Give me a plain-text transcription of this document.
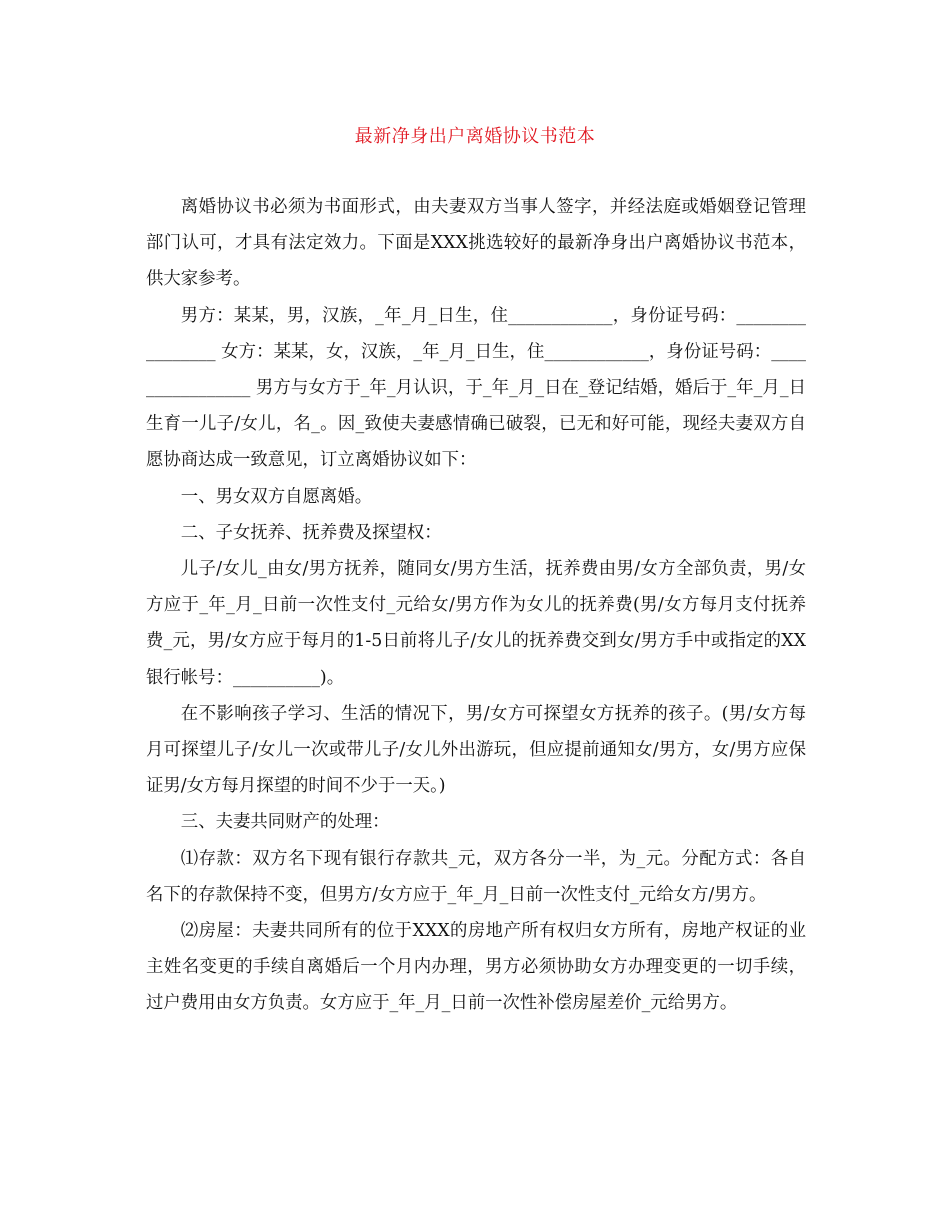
最新净身出户离婚协议书范本

离婚协议书必须为书面形式，由夫妻双方当事人签字，并经法庭或婚姻登记管理部门认可，才具有法定效力。下面是XXX挑选较好的最新净身出户离婚协议书范本，供大家参考。

男方：某某，男，汉族，_年_月_日生，住____________，身份证号码：________________ 女方：某某，女，汉族，_年_月_日生，住____________，身份证号码：________________ 男方与女方于_年_月认识，于_年_月_日在_登记结婚，婚后于_年_月_日生育一儿子/女儿，名_。因_致使夫妻感情确已破裂，已无和好可能，现经夫妻双方自愿协商达成一致意见，订立离婚协议如下：

一、男女双方自愿离婚。

二、子女抚养、抚养费及探望权：

儿子/女儿_由女/男方抚养，随同女/男方生活，抚养费由男/女方全部负责，男/女方应于_年_月_日前一次性支付_元给女/男方作为女儿的抚养费(男/女方每月支付抚养费_元，男/女方应于每月的1-5日前将儿子/女儿的抚养费交到女/男方手中或指定的XX银行帐号：__________)。

在不影响孩子学习、生活的情况下，男/女方可探望女方抚养的孩子。(男/女方每月可探望儿子/女儿一次或带儿子/女儿外出游玩，但应提前通知女/男方，女/男方应保证男/女方每月探望的时间不少于一天。)

三、夫妻共同财产的处理：

⑴存款：双方名下现有银行存款共_元，双方各分一半，为_元。分配方式：各自名下的存款保持不变，但男方/女方应于_年_月_日前一次性支付_元给女方/男方。

⑵房屋：夫妻共同所有的位于XXX的房地产所有权归女方所有，房地产权证的业主姓名变更的手续自离婚后一个月内办理，男方必须协助女方办理变更的一切手续，过户费用由女方负责。女方应于_年_月_日前一次性补偿房屋差价_元给男方。
